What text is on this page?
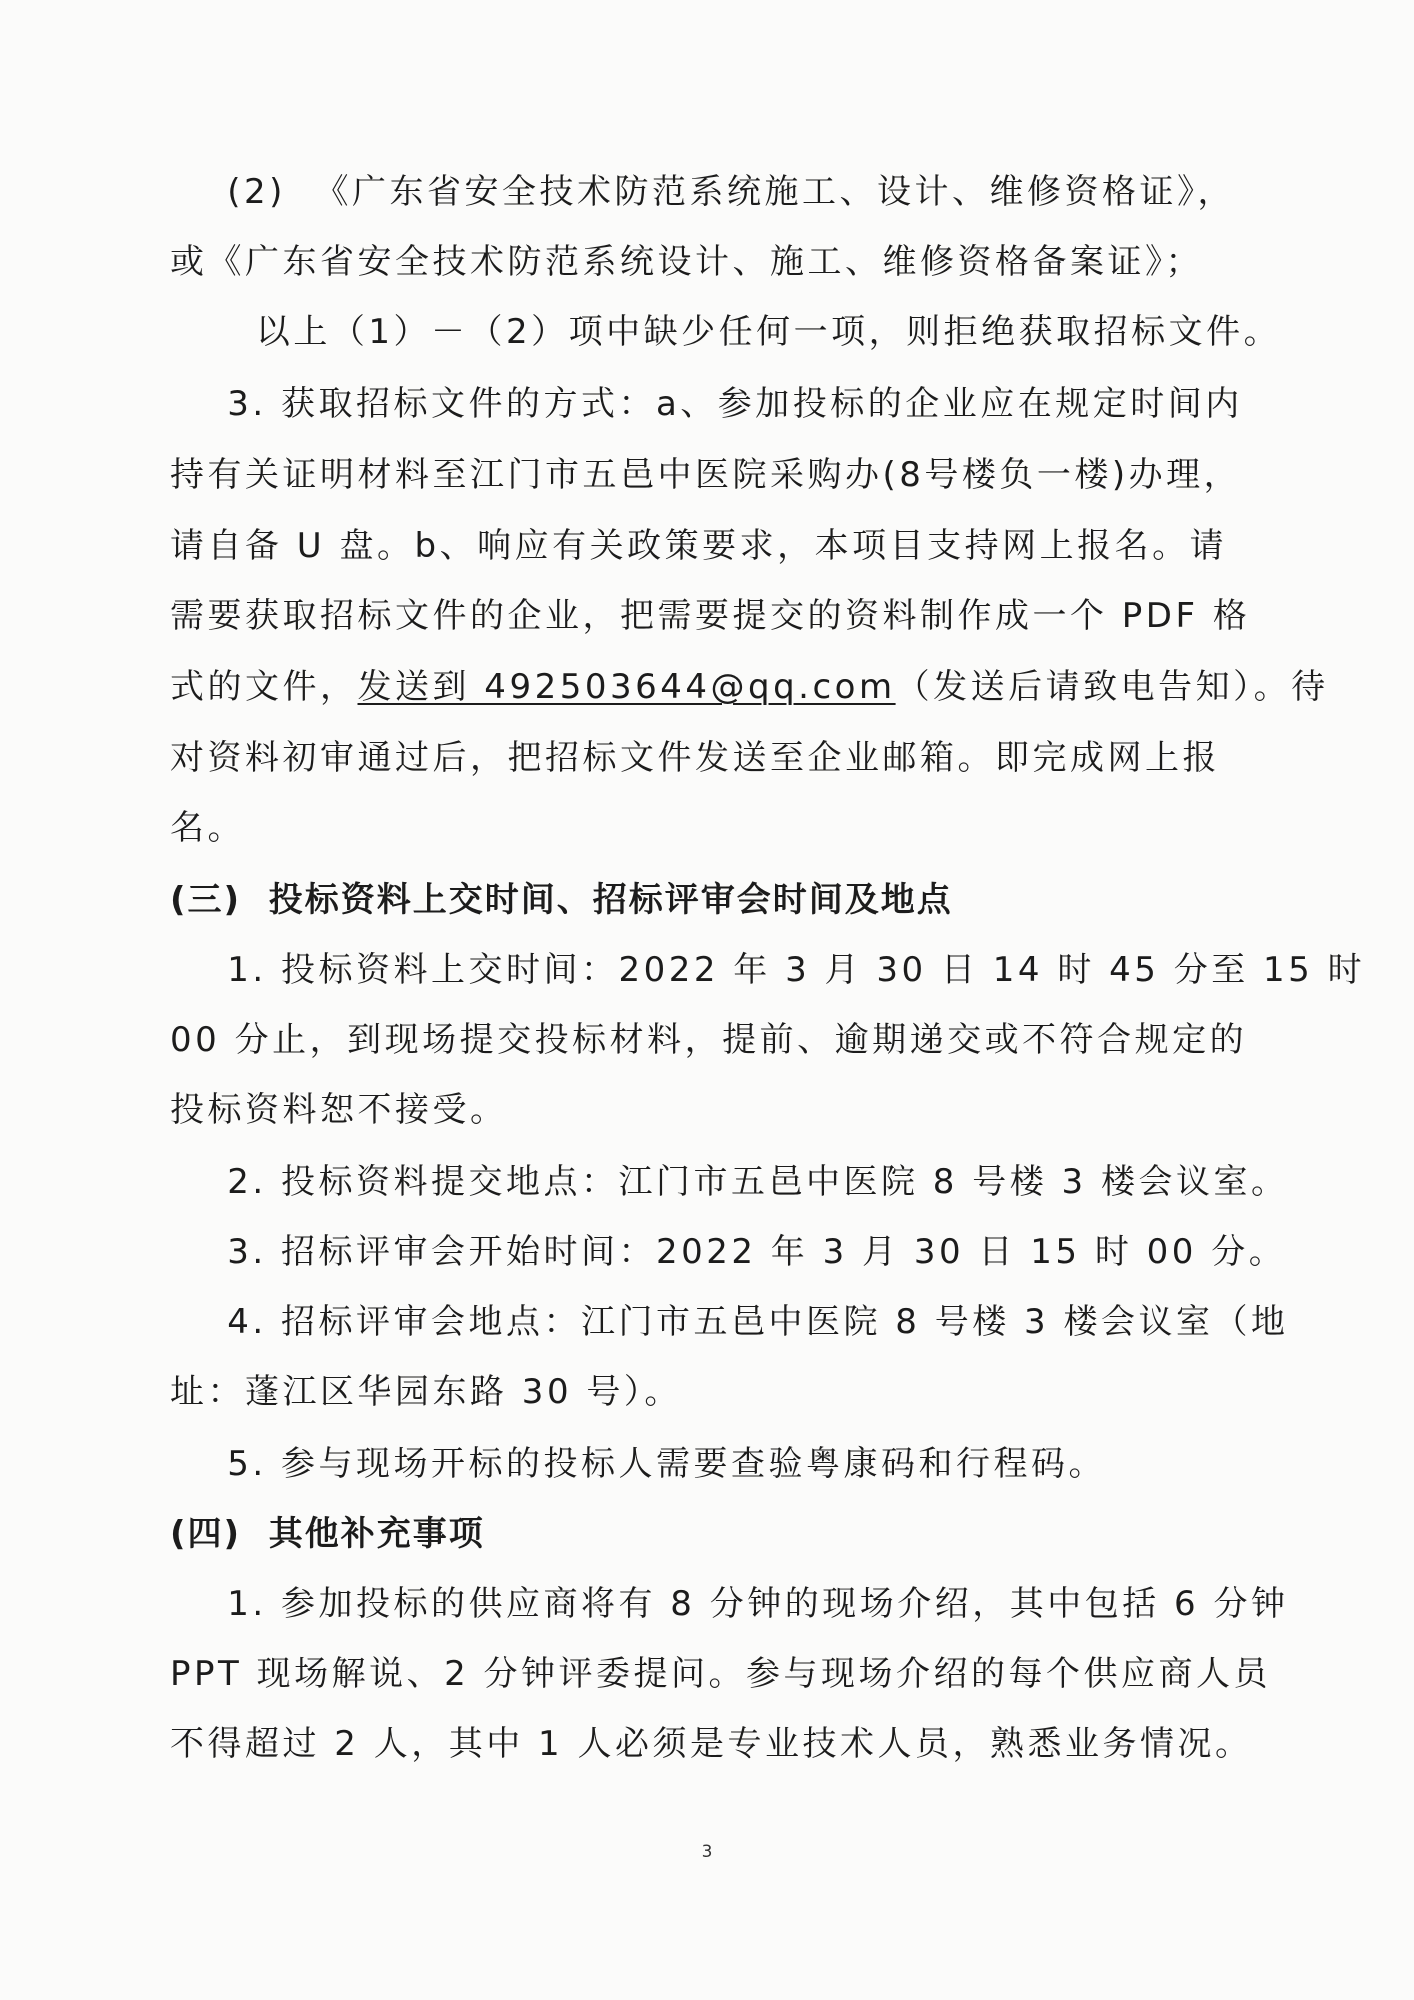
(2)  《广东省安全技术防范系统施工、设计、维修资格证》，
或《广东省安全技术防范系统设计、施工、维修资格备案证》；
以上（1）－（2）项中缺少任何一项，则拒绝获取招标文件。
3. 获取招标文件的方式：a、参加投标的企业应在规定时间内
持有关证明材料至江门市五邑中医院采购办(8号楼负一楼)办理，
请自备 U 盘。b、响应有关政策要求，本项目支持网上报名。请
需要获取招标文件的企业，把需要提交的资料制作成一个 PDF 格
式的文件，发送到 492503644@qq.com（发送后请致电告知）。待
对资料初审通过后，把招标文件发送至企业邮箱。即完成网上报
名。
(三)  投标资料上交时间、招标评审会时间及地点
1. 投标资料上交时间：2022 年 3 月 30 日 14 时 45 分至 15 时
00 分止，到现场提交投标材料，提前、逾期递交或不符合规定的
投标资料恕不接受。
2. 投标资料提交地点：江门市五邑中医院 8 号楼 3 楼会议室。
3. 招标评审会开始时间：2022 年 3 月 30 日 15 时 00 分。
4. 招标评审会地点：江门市五邑中医院 8 号楼 3 楼会议室（地
址：蓬江区华园东路 30 号）。
5. 参与现场开标的投标人需要查验粤康码和行程码。
(四)  其他补充事项
1. 参加投标的供应商将有 8 分钟的现场介绍，其中包括 6 分钟
PPT 现场解说、2 分钟评委提问。参与现场介绍的每个供应商人员
不得超过 2 人，其中 1 人必须是专业技术人员，熟悉业务情况。
3
